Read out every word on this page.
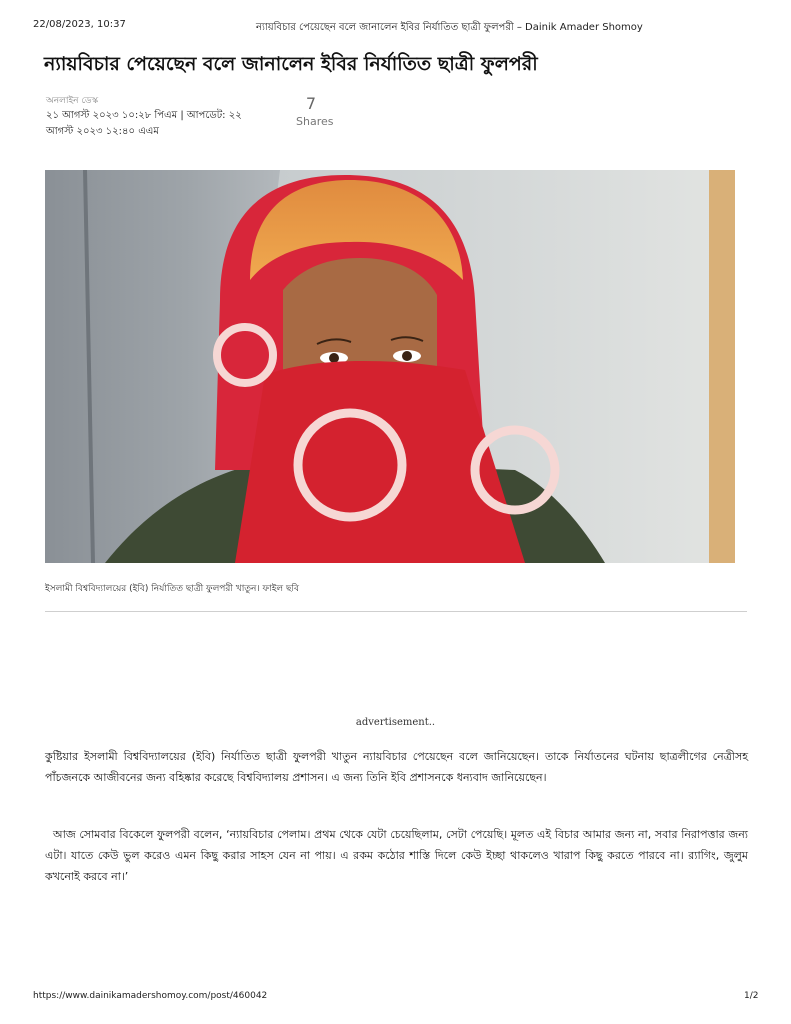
22/08/2023, 10:37	ন্যায়বিচার পেয়েছেন বলে জানালেন ইবির নির্যাতিত ছাত্রী ফুলপরী – Dainik Amader Shomoy
ন্যায়বিচার পেয়েছেন বলে জানালেন ইবির নির্যাতিত ছাত্রী ফুলপরী
অনলাইন ডেস্ক
২১ আগস্ট ২০২৩ ১০:২৮ পিএম | আপডেট: ২২ আগস্ট ২০২৩ ১২:৪০ এএম
7
Shares
ইসলামী বিশ্ববিদ্যালয়ের (ইবি) নির্যাতিত ছাত্রী ফুলপরী খাতুন। ফাইল ছবি
advertisement..

কুষ্টিয়ার ইসলামী বিশ্ববিদ্যালয়ের (ইবি) নির্যাতিত ছাত্রী ফুলপরী খাতুন ন্যায়বিচার পেয়েছেন বলে জানিয়েছেন। তাকে নির্যাতনের ঘটনায় ছাত্রলীগের নেত্রীসহ পাঁচজনকে আজীবনের জন্য বহিষ্কার করেছে বিশ্ববিদ্যালয় প্রশাসন। এ জন্য তিনি ইবি প্রশাসনকে ধন্যবাদ জানিয়েছেন।

আজ সোমবার বিকেলে ফুলপরী বলেন, ‘ন্যায়বিচার পেলাম। প্রথম থেকে যেটা চেয়েছিলাম, সেটা পেয়েছি। মূলত এই বিচার আমার জন্য না, সবার নিরাপত্তার জন্য এটা। যাতে কেউ ভুল করেও এমন কিছু করার সাহস যেন না পায়। এ রকম কঠোর শাস্তি দিলে কেউ ইচ্ছা থাকলেও খারাপ কিছু করতে পারবে না। র‍্যাগিং, জুলুম কখনোই করবে না।’

https://www.dainikamadershomoy.com/post/460042	1/2
